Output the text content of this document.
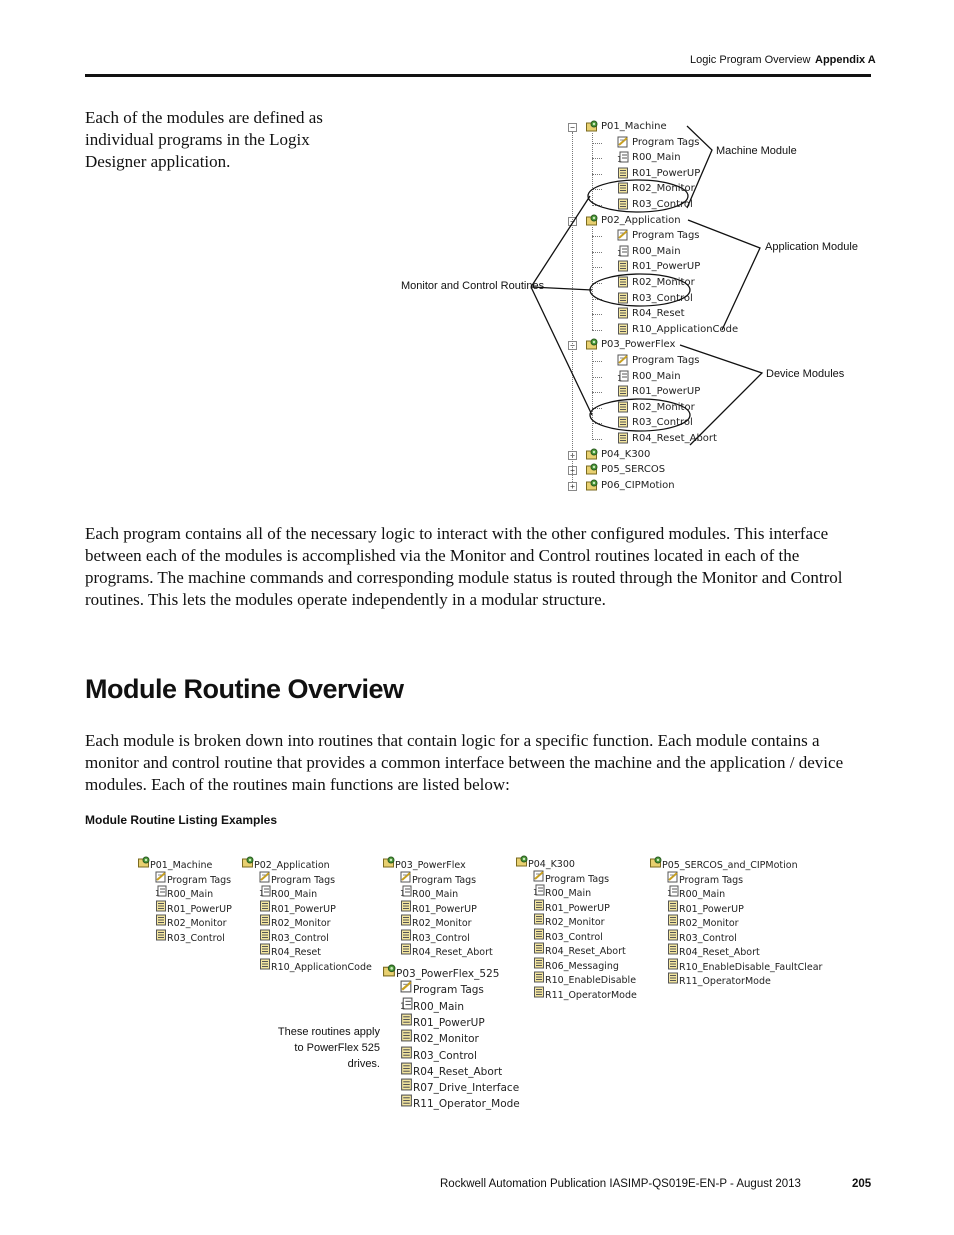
Logic Program Overview Appendix A
Each of the modules are defined as individual programs in the Logix Designer application.
−	P01_Machine
Program Tags
1 R00_Main
R01_PowerUP
R02_Monitor
R03_Control
−	P02_Application
Program Tags
1 R00_Main
R01_PowerUP
R02_Monitor
R03_Control
R04_Reset
R10_ApplicationCode
−	P03_PowerFlex
Program Tags
1 R00_Main
R01_PowerUP
R02_Monitor
R03_Control
R04_Reset_Abort
+	P04_K300
+	P05_SERCOS
+	P06_CIPMotion
Machine Module
Application Module
Device Modules
Monitor and Control Routines
Each program contains all of the necessary logic to interact with the other configured modules. This interface between each of the modules is accomplished via the Monitor and Control routines located in each of the programs. The machine commands and corresponding module status is routed through the Monitor and Control routines. This lets the modules operate independently in a modular structure.
Module Routine Overview
Each module is broken down into routines that contain logic for a specific function. Each module contains a monitor and control routine that provides a common interface between the machine and the application / device modules. Each of the routines main functions are listed below:
Module Routine Listing Examples
P01_Machine
Program Tags
1 R00_Main
R01_PowerUP
R02_Monitor
R03_Control
P02_Application
Program Tags
1 R00_Main
R01_PowerUP
R02_Monitor
R03_Control
R04_Reset
R10_ApplicationCode
P03_PowerFlex
Program Tags
1 R00_Main
R01_PowerUP
R02_Monitor
R03_Control
R04_Reset_Abort
P04_K300
Program Tags
1 R00_Main
R01_PowerUP
R02_Monitor
R03_Control
R04_Reset_Abort
R06_Messaging
R10_EnableDisable
R11_OperatorMode
P05_SERCOS_and_CIPMotion
Program Tags
1 R00_Main
R01_PowerUP
R02_Monitor
R03_Control
R04_Reset_Abort
R10_EnableDisable_FaultClear
R11_OperatorMode
P03_PowerFlex_525
Program Tags
1 R00_Main
R01_PowerUP
R02_Monitor
R03_Control
R04_Reset_Abort
R07_Drive_Interface
R11_Operator_Mode
These routines apply to PowerFlex 525 drives.
Rockwell Automation Publication IASIMP-QS019E-EN-P - August 2013	205
